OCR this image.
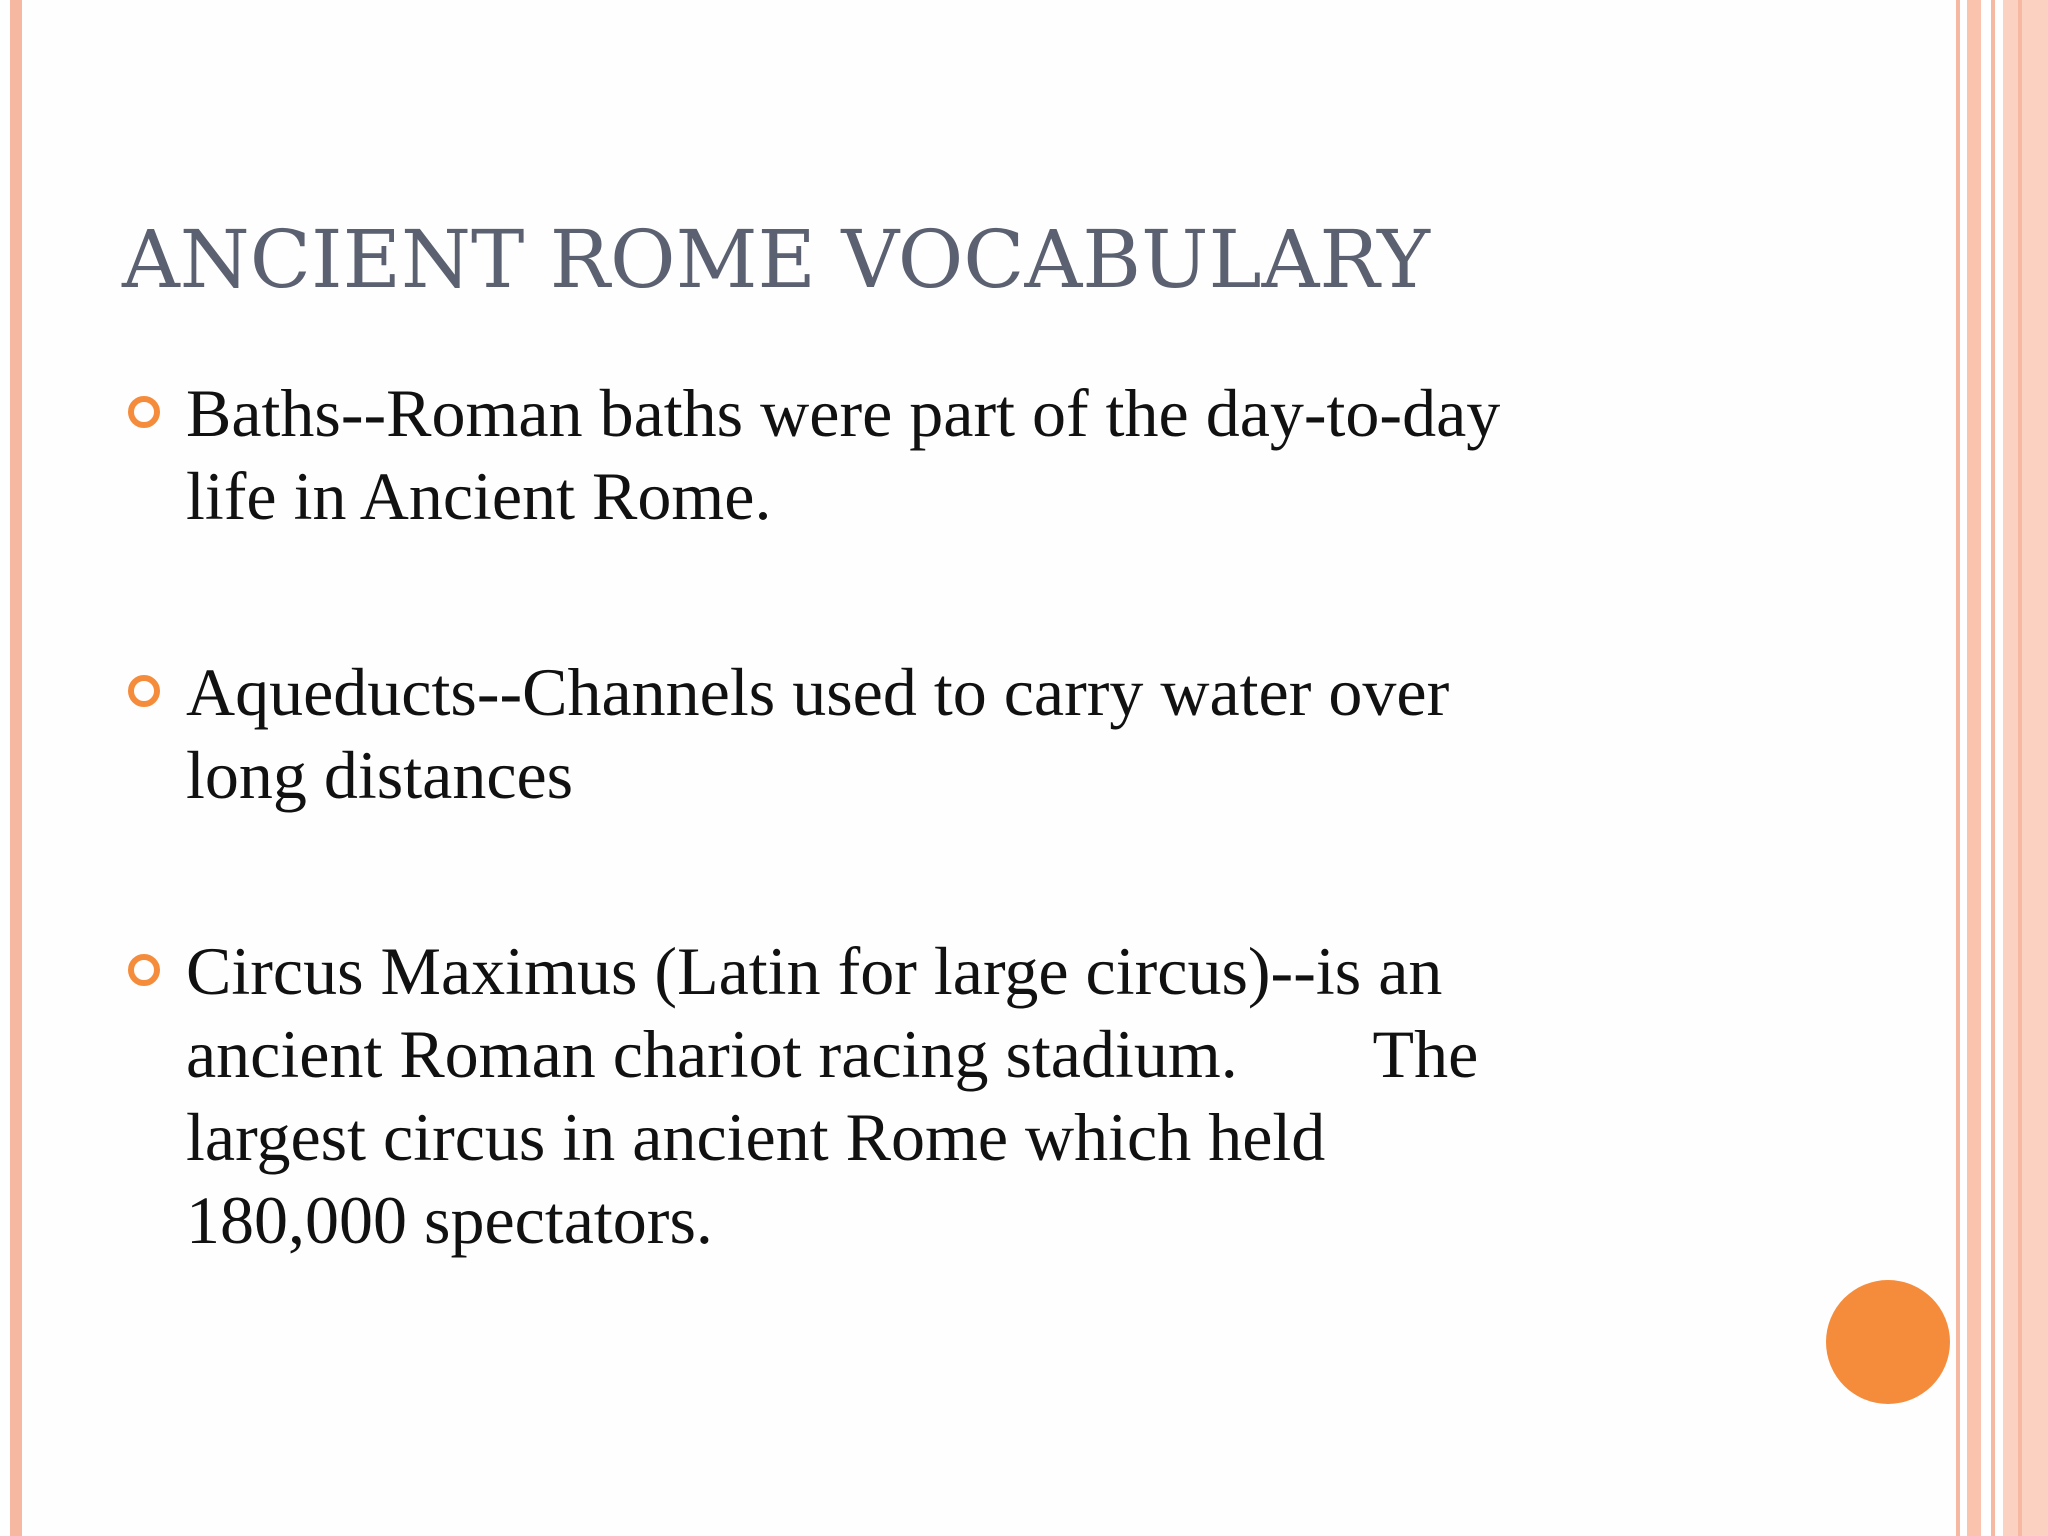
ANCIENT ROME VOCABULARY
Baths--Roman baths were part of the day-to-day
life in Ancient Rome.
Aqueducts--Channels used to carry water over
long distances
Circus Maximus (Latin for large circus)--is an
ancient Roman chariot racing stadium.        The
largest circus in ancient Rome which held
180,000 spectators.
